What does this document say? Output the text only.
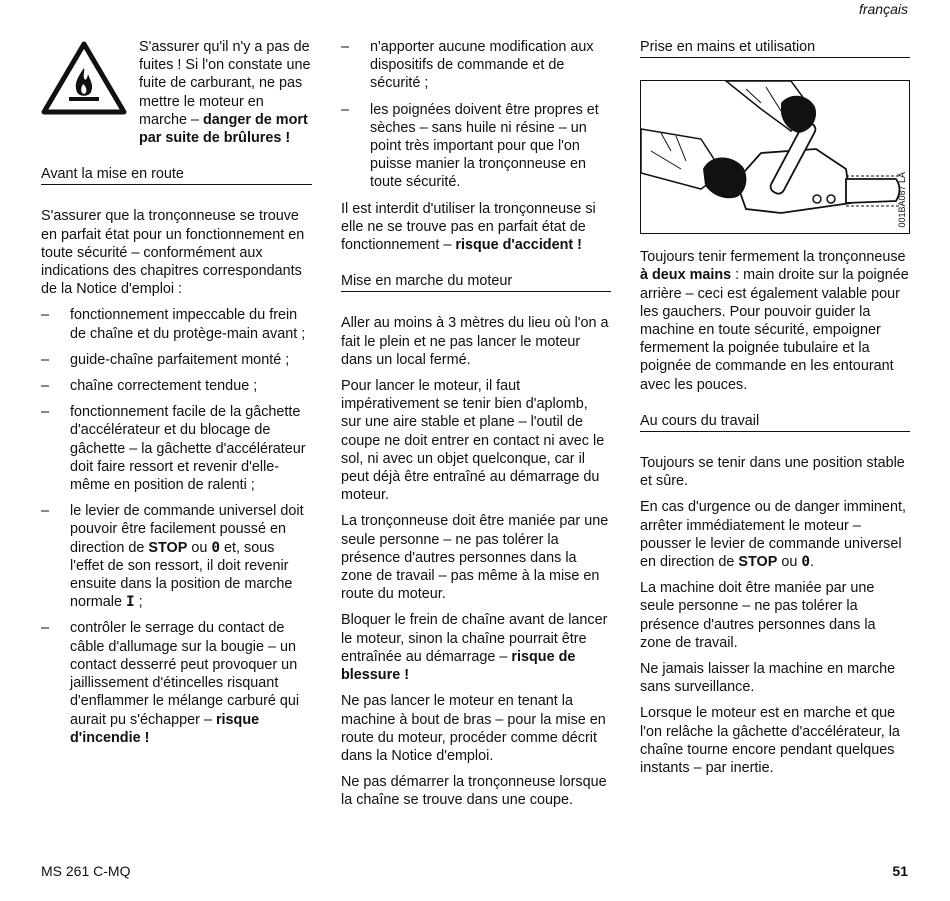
français
S'assurer qu'il n'y a pas de fuites ! Si l'on constate une fuite de carburant, ne pas mettre le moteur en marche – danger de mort par suite de brûlures !
Avant la mise en route

S'assurer que la tronçonneuse se trouve en parfait état pour un fonctionnement en toute sécurité – conformément aux indications des chapitres correspondants de la Notice d'emploi :

– fonctionnement impeccable du frein de chaîne et du protège-main avant ;
– guide-chaîne parfaitement monté ;
– chaîne correctement tendue ;
– fonctionnement facile de la gâchette d'accélérateur et du blocage de gâchette – la gâchette d'accélérateur doit faire ressort et revenir d'elle-même en position de ralenti ;
– le levier de commande universel doit pouvoir être facilement poussé en direction de STOP ou 0 et, sous l'effet de son ressort, il doit revenir ensuite dans la position de marche normale I ;
– contrôler le serrage du contact de câble d'allumage sur la bougie – un contact desserré peut provoquer un jaillissement d'étincelles risquant d'enflammer le mélange carburé qui aurait pu s'échapper – risque d'incendie !
– n'apporter aucune modification aux dispositifs de commande et de sécurité ;
– les poignées doivent être propres et sèches – sans huile ni résine – un point très important pour que l'on puisse manier la tronçonneuse en toute sécurité.

Il est interdit d'utiliser la tronçonneuse si elle ne se trouve pas en parfait état de fonctionnement – risque d'accident !

Mise en marche du moteur

Aller au moins à 3 mètres du lieu où l'on a fait le plein et ne pas lancer le moteur dans un local fermé.

Pour lancer le moteur, il faut impérativement se tenir bien d'aplomb, sur une aire stable et plane – l'outil de coupe ne doit entrer en contact ni avec le sol, ni avec un objet quelconque, car il peut déjà être entraîné au démarrage du moteur.

La tronçonneuse doit être maniée par une seule personne – ne pas tolérer la présence d'autres personnes dans la zone de travail – pas même à la mise en route du moteur.

Bloquer le frein de chaîne avant de lancer le moteur, sinon la chaîne pourrait être entraînée au démarrage – risque de blessure !

Ne pas lancer le moteur en tenant la machine à bout de bras – pour la mise en route du moteur, procéder comme décrit dans la Notice d'emploi.

Ne pas démarrer la tronçonneuse lorsque la chaîne se trouve dans une coupe.

Prise en mains et utilisation
001BA087 LÄ

Toujours tenir fermement la tronçonneuse à deux mains : main droite sur la poignée arrière – ceci est également valable pour les gauchers. Pour pouvoir guider la machine en toute sécurité, empoigner fermement la poignée tubulaire et la poignée de commande en les entourant avec les pouces.

Au cours du travail

Toujours se tenir dans une position stable et sûre.

En cas d'urgence ou de danger imminent, arrêter immédiatement le moteur – pousser le levier de commande universel en direction de STOP ou 0.

La machine doit être maniée par une seule personne – ne pas tolérer la présence d'autres personnes dans la zone de travail.

Ne jamais laisser la machine en marche sans surveillance.

Lorsque le moteur est en marche et que l'on relâche la gâchette d'accélérateur, la chaîne tourne encore pendant quelques instants – par inertie.

MS 261 C-MQ	51
